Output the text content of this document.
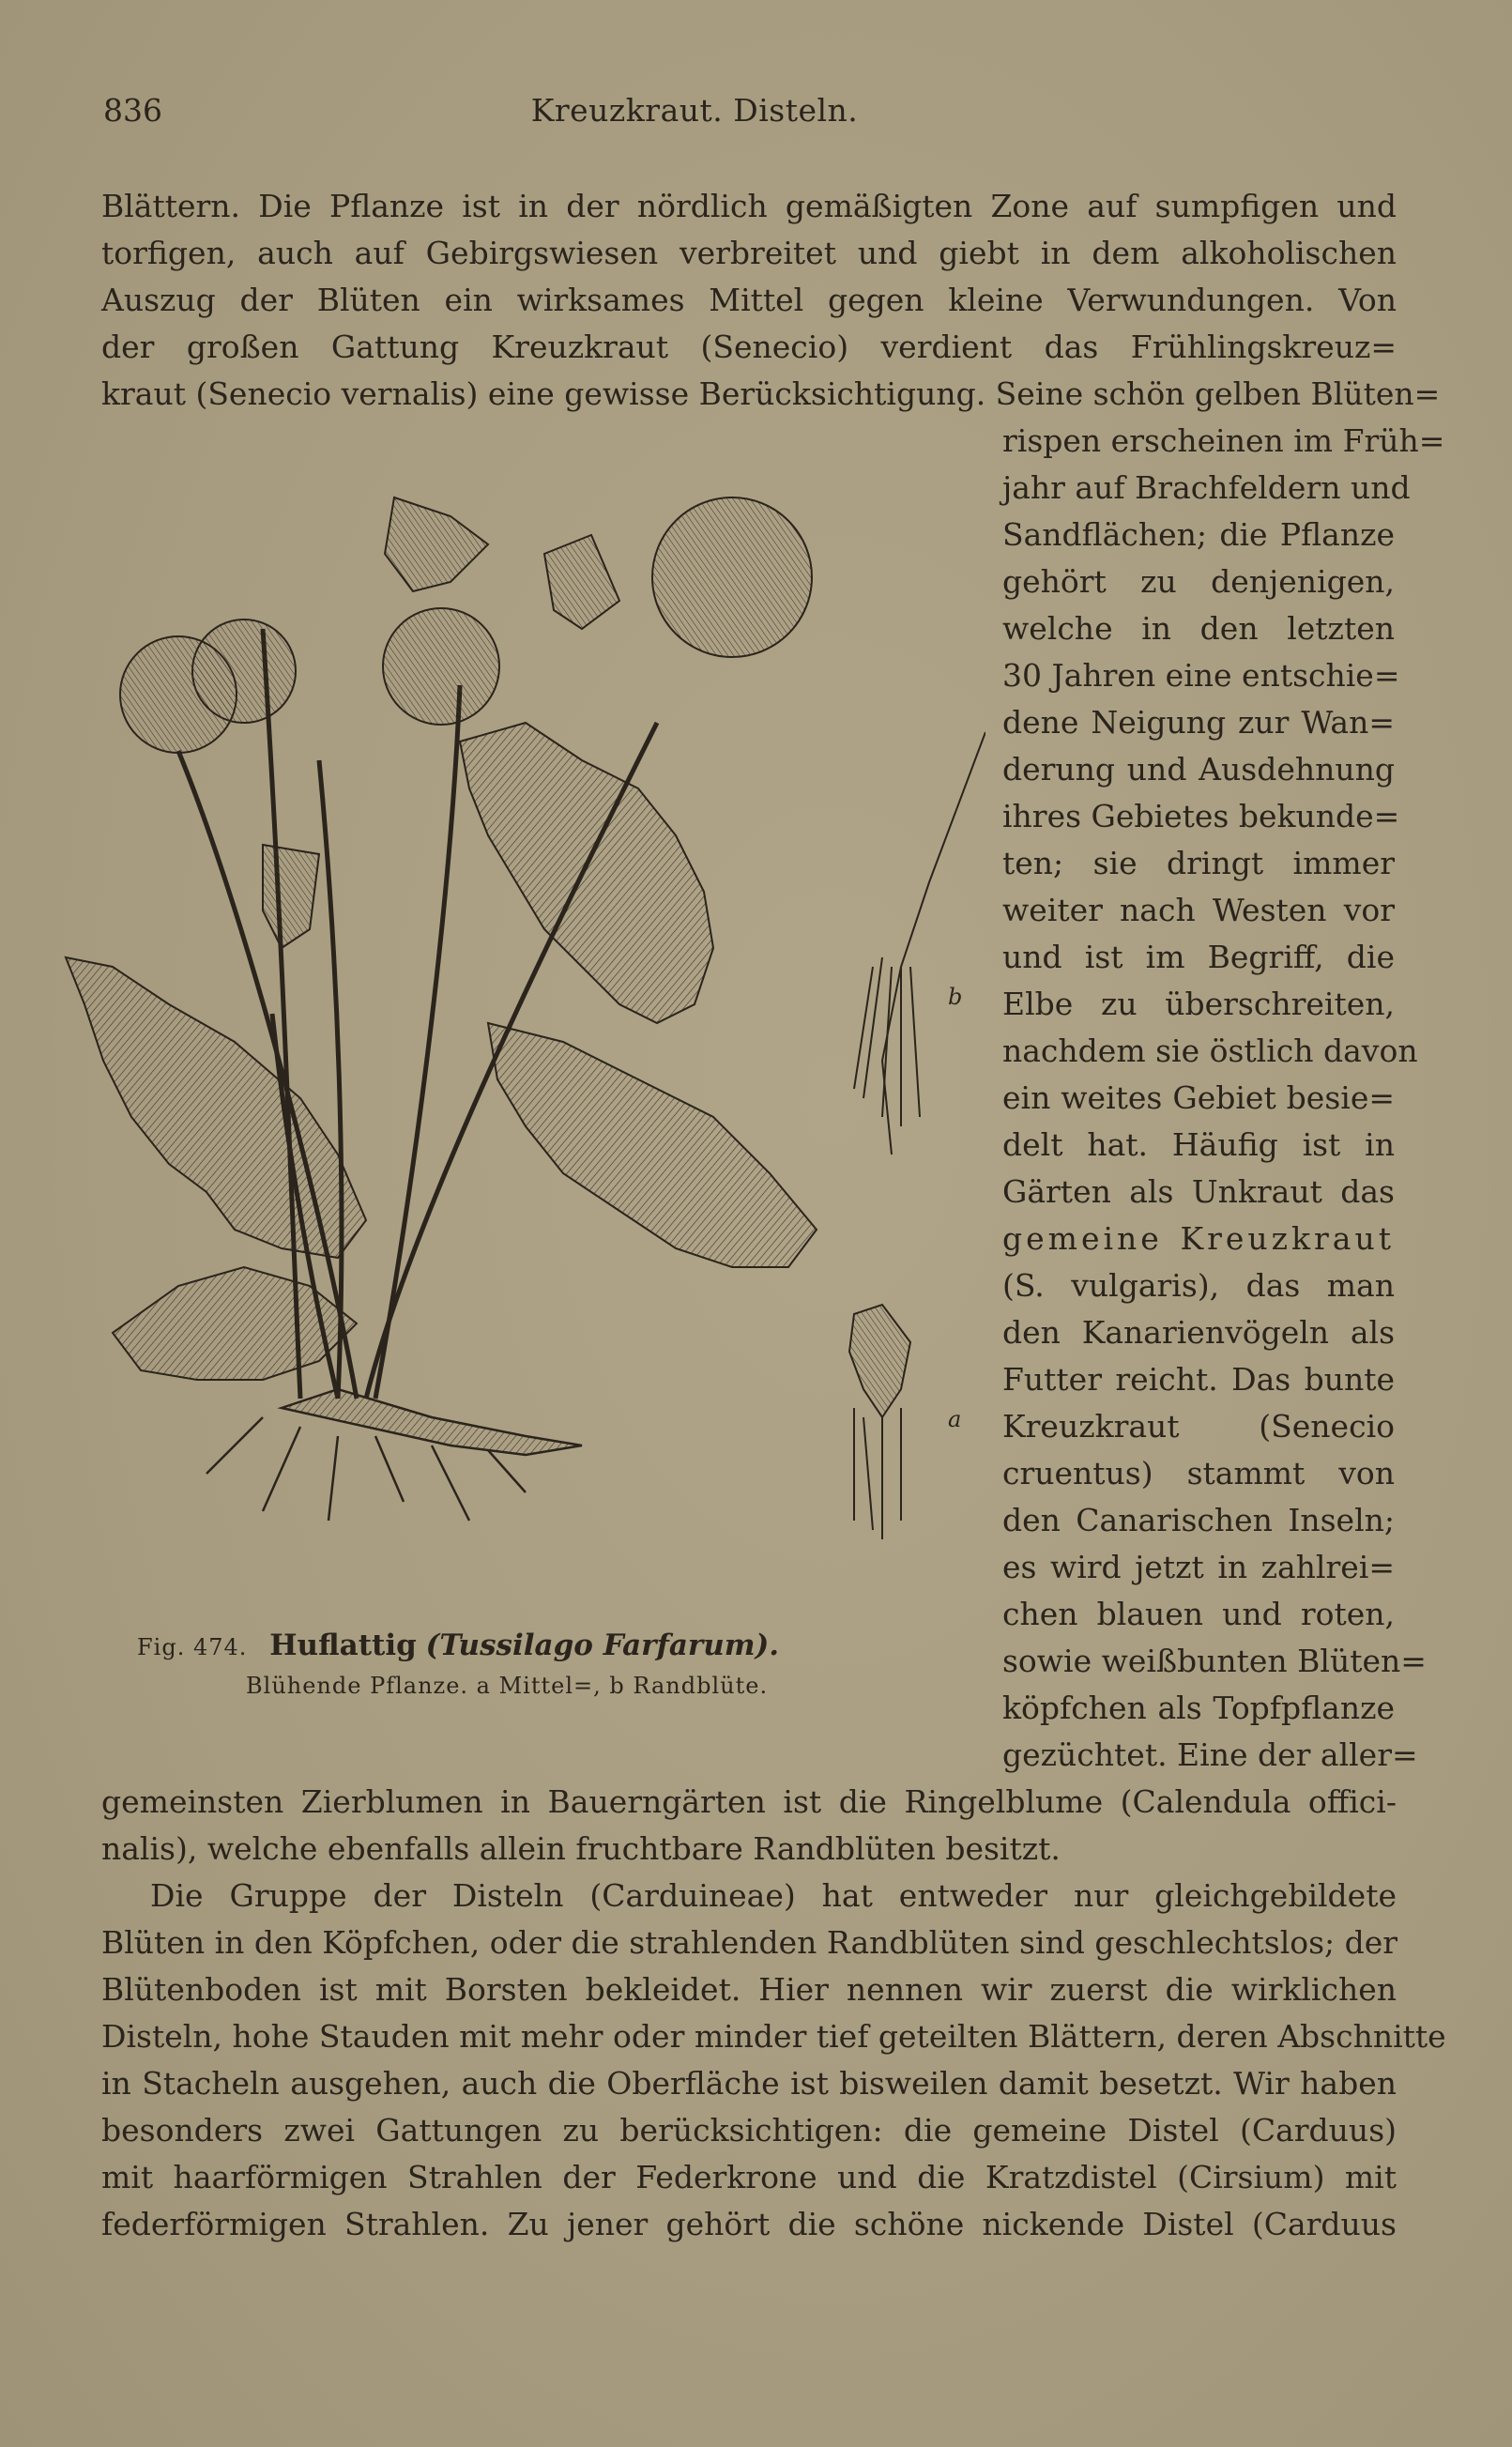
836	Kreuzkraut. Disteln.
Blättern. Die Pflanze ist in der nördlich gemäßigten Zone auf sumpfigen und
torfigen, auch auf Gebirgswiesen verbreitet und giebt in dem alkoholischen
Auszug der Blüten ein wirksames Mittel gegen kleine Verwundungen. Von
der großen Gattung Kreuzkraut (Senecio) verdient das Frühlingskreuz=
kraut (Senecio vernalis) eine gewisse Berücksichtigung. Seine schön gelben Blüten=
rispen erscheinen im Früh=
jahr auf Brachfeldern und
Sandflächen; die Pflanze
gehört zu denjenigen,
welche in den letzten
30 Jahren eine entschie=
dene Neigung zur Wan=
derung und Ausdehnung
ihres Gebietes bekunde=
ten; sie dringt immer
weiter nach Westen vor
und ist im Begriff, die
Elbe zu überschreiten,
nachdem sie östlich davon
ein weites Gebiet besie=
delt hat. Häufig ist in
Gärten als Unkraut das
gemeine Kreuzkraut
(S. vulgaris), das man
den Kanarienvögeln als
Futter reicht. Das bunte
Kreuzkraut (Senecio
cruentus) stammt von
den Canarischen Inseln;
es wird jetzt in zahlrei=
chen blauen und roten,
sowie weißbunten Blüten=
köpfchen als Topfpflanze
gezüchtet. Eine der aller=
gemeinsten Zierblumen in Bauerngärten ist die Ringelblume (Calendula offici-
nalis), welche ebenfalls allein fruchtbare Randblüten besitzt.
Die Gruppe der Disteln (Carduineae) hat entweder nur gleichgebildete
Blüten in den Köpfchen, oder die strahlenden Randblüten sind geschlechtslos; der
Blütenboden ist mit Borsten bekleidet. Hier nennen wir zuerst die wirklichen
Disteln, hohe Stauden mit mehr oder minder tief geteilten Blättern, deren Abschnitte
in Stacheln ausgehen, auch die Oberfläche ist bisweilen damit besetzt. Wir haben
besonders zwei Gattungen zu berücksichtigen: die gemeine Distel (Carduus)
mit haarförmigen Strahlen der Federkrone und die Kratzdistel (Cirsium) mit
federförmigen Strahlen. Zu jener gehört die schöne nickende Distel (Carduus
b
a
Fig. 474. Huflattig (Tussilago Farfarum).
Blühende Pflanze. a Mittel=, b Randblüte.
